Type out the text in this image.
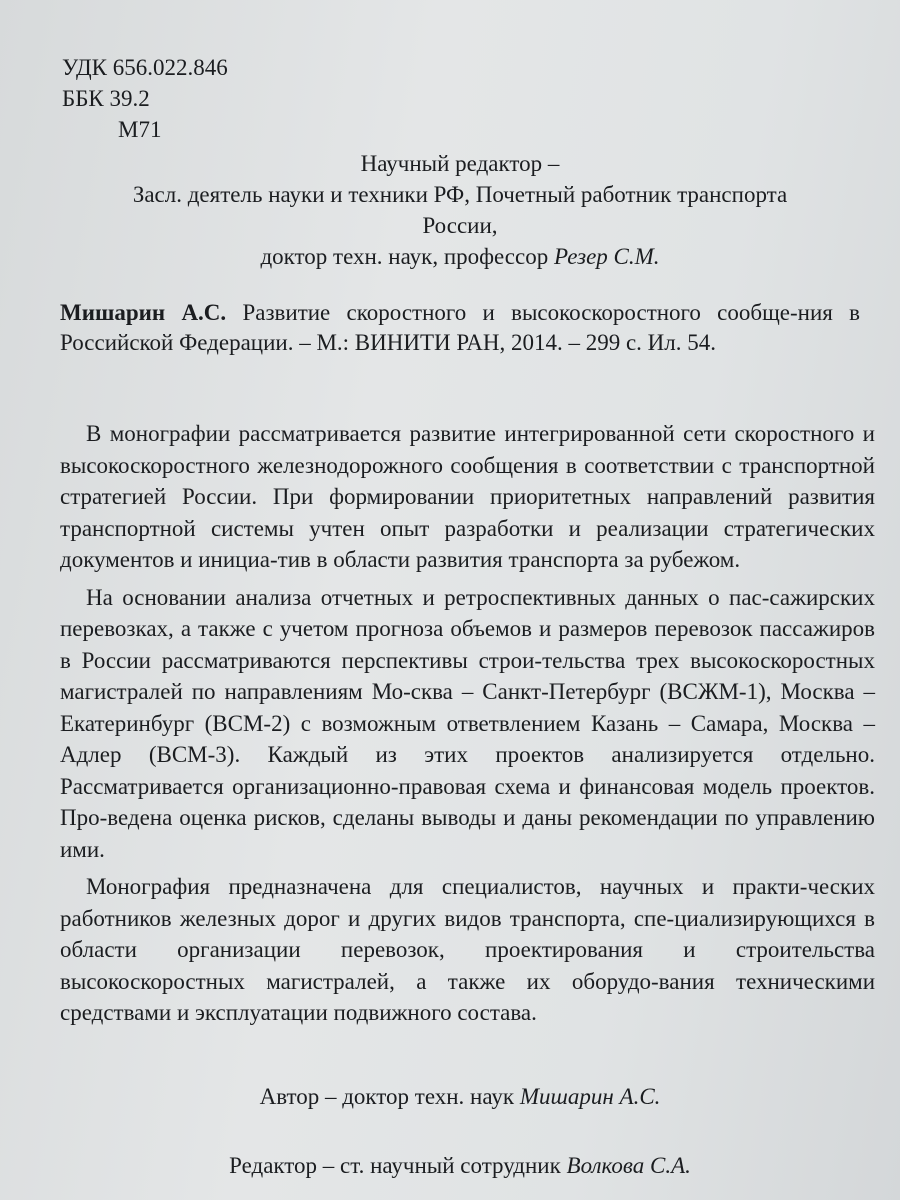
УДК 656.022.846
ББК 39.2
М71
Научный редактор –
Засл. деятель науки и техники РФ, Почетный работник транспорта
России,
доктор техн. наук, профессор Резер С.М.
Мишарин А.С. Развитие скоростного и высокоскоростного сообще-ния в Российской Федерации. – М.: ВИНИТИ РАН, 2014. – 299 с. Ил. 54.

В монографии рассматривается развитие интегрированной сети скоростного и высокоскоростного железнодорожного сообщения в соответствии с транспортной стратегией России. При формировании приоритетных направлений развития транспортной системы учтен опыт разработки и реализации стратегических документов и инициа-тив в области развития транспорта за рубежом.

На основании анализа отчетных и ретроспективных данных о пас-сажирских перевозках, а также с учетом прогноза объемов и размеров перевозок пассажиров в России рассматриваются перспективы строи-тельства трех высокоскоростных магистралей по направлениям Мо-сква – Санкт-Петербург (ВСЖМ-1), Москва – Екатеринбург (ВСМ-2) с возможным ответвлением Казань – Самара, Москва – Адлер (ВСМ-3). Каждый из этих проектов анализируется отдельно. Рассматривается организационно-правовая схема и финансовая модель проектов. Про-ведена оценка рисков, сделаны выводы и даны рекомендации по управлению ими.

Монография предназначена для специалистов, научных и практи-ческих работников железных дорог и других видов транспорта, спе-циализирующихся в области организации перевозок, проектирования и строительства высокоскоростных магистралей, а также их оборудо-вания техническими средствами и эксплуатации подвижного состава.

Автор – доктор техн. наук Мишарин А.С.
Редактор – ст. научный сотрудник Волкова С.А.
